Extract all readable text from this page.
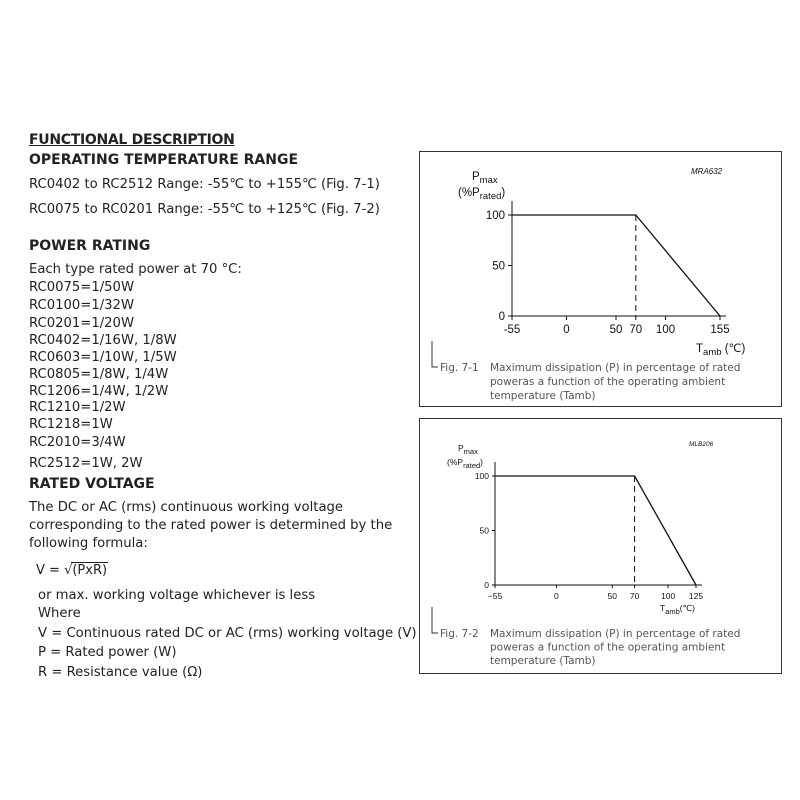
FUNCTIONAL DESCRIPTION
OPERATING TEMPERATURE RANGE
RC0402 to RC2512 Range: -55℃ to +155℃ (Fig. 7-1)
RC0075 to RC0201 Range: -55℃ to +125℃ (Fig. 7-2)
POWER RATING
Each type rated power at 70 °C:
RC0075=1/50W
RC0100=1/32W
RC0201=1/20W
RC0402=1/16W, 1/8W
RC0603=1/10W, 1/5W
RC0805=1/8W, 1/4W
RC1206=1/4W, 1/2W
RC1210=1/2W
RC1218=1W
RC2010=3/4W
RC2512=1W, 2W
RATED VOLTAGE
The DC or AC (rms) continuous working voltage
corresponding to the rated power is determined by the
following formula:
V = √(PxR)
or max. working voltage whichever is less
Where
V = Continuous rated DC or AC (rms) working voltage (V)
P = Rated power (W)
R = Resistance value (Ω)
MRA632
$P_{max}$
$(\%P_{rated})$
0
50
100
-55	0	50 70 100	155
$T_{amb}$ (℃)
Fig. 7-1 Maximum dissipation (P) in percentage of rated
poweras a function of the operating ambient
temperature (Tamb)
MLB206
Pmax
(%Prated)
0
50
100
−55	0	50 70	100 125
Tamb(℃)
Fig. 7-2 Maximum dissipation (P) in percentage of rated
poweras a function of the operating ambient
temperature (Tamb)
